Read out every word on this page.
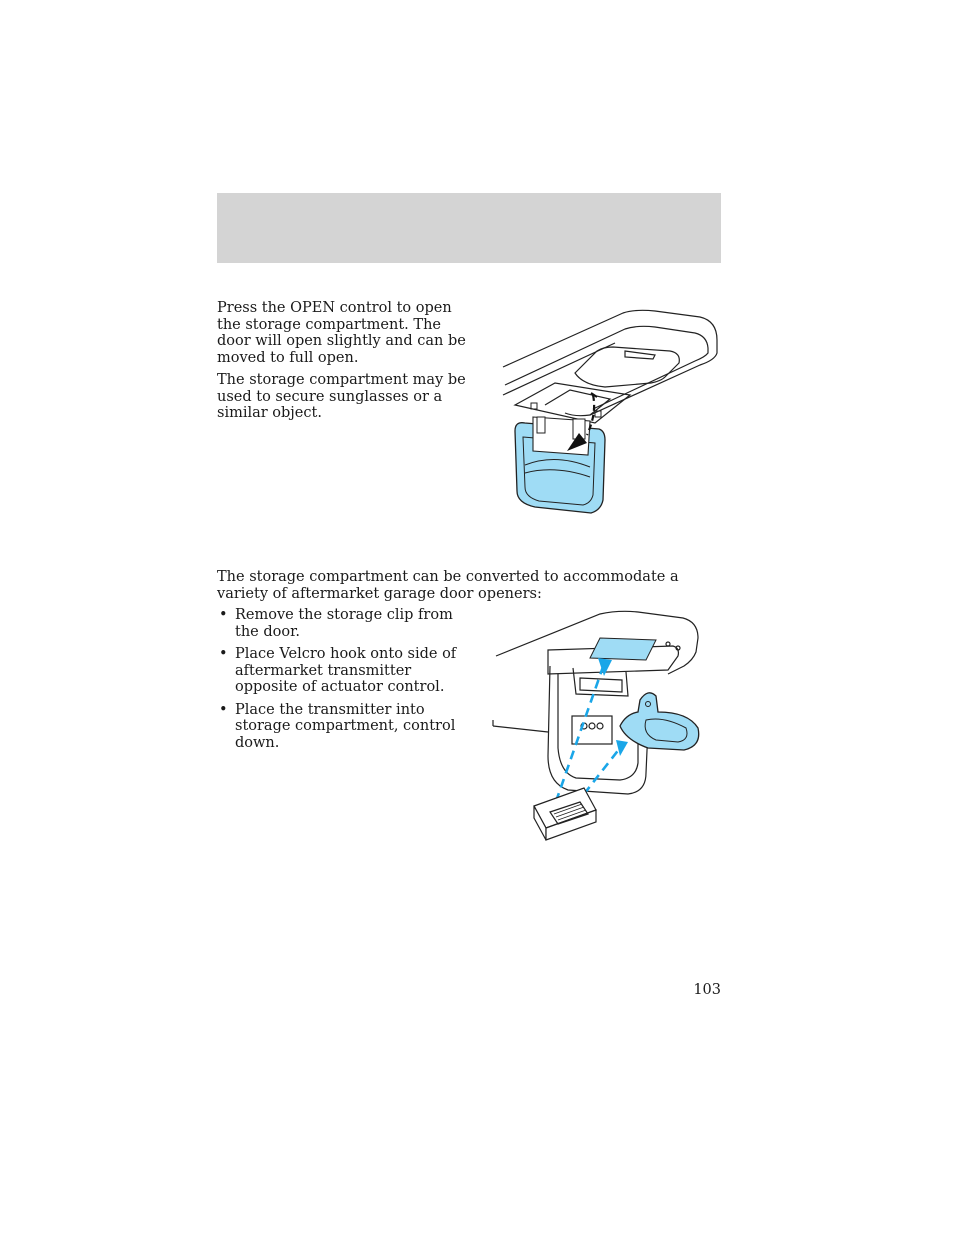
Press the OPEN control to open the storage compartment. The door will open slightly and can be moved to full open.

The storage compartment may be used to secure sunglasses or a similar object.

The storage compartment can be converted to accommodate a variety of aftermarket garage door openers:

• Remove the storage clip from the door.
• Place Velcro hook onto side of aftermarket transmitter opposite of actuator control.
• Place the transmitter into storage compartment, control down.
103
